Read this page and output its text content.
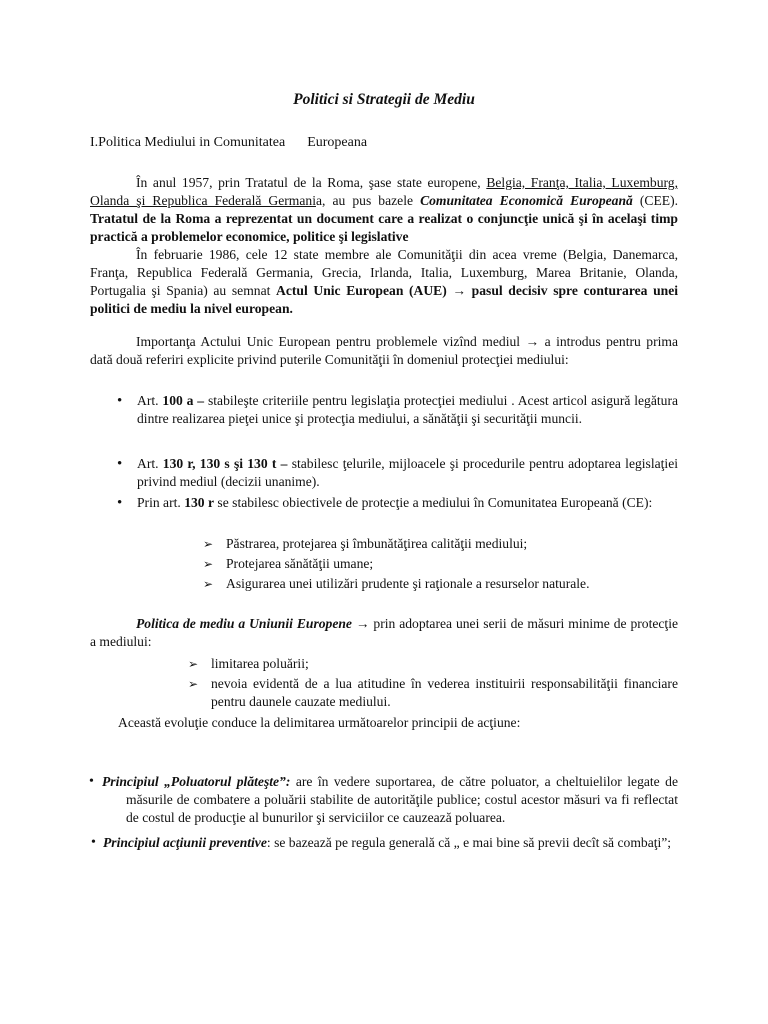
Politici si Strategii de Mediu
I.Politica Mediului in Comunitatea Europeana
În anul 1957, prin Tratatul de la Roma, şase state europene, Belgia, Franţa, Italia, Luxemburg, Olanda şi Republica Federală Germania, au pus bazele Comunitatea Economică Europeană (CEE). Tratatul de la Roma a reprezentat un document care a realizat o conjuncţie unică şi în acelaşi timp practică a problemelor economice, politice şi legislative
În februarie 1986, cele 12 state membre ale Comunităţii din acea vreme (Belgia, Danemarca, Franţa, Republica Federală Germania, Grecia, Irlanda, Italia, Luxemburg, Marea Britanie, Olanda, Portugalia şi Spania) au semnat Actul Unic European (AUE) → pasul decisiv spre conturarea unei politici de mediu la nivel european.
Importanţa Actului Unic European pentru problemele vizînd mediul → a introdus pentru prima dată două referiri explicite privind puterile Comunităţii în domeniul protecţiei mediului:
• Art. 100 a – stabileşte criteriile pentru legislaţia protecţiei mediului . Acest articol asigură legătura dintre realizarea pieţei unice şi protecţia mediului, a sănătăţii şi securităţii muncii.
• Art. 130 r, 130 s şi 130 t – stabilesc ţelurile, mijloacele şi procedurile pentru adoptarea legislaţiei privind mediul (decizii unanime).
• Prin art. 130 r se stabilesc obiectivele de protecţie a mediului în Comunitatea Europeană (CE):
➢ Păstrarea, protejarea şi îmbunătăţirea calităţii mediului;
➢ Protejarea sănătăţii umane;
➢ Asigurarea unei utilizări prudente şi raţionale a resurselor naturale.
Politica de mediu a Uniunii Europene → prin adoptarea unei serii de măsuri minime de protecţie a mediului:
➢ limitarea poluării;
➢ nevoia evidentă de a lua atitudine în vederea instituirii responsabilităţii financiare pentru daunele cauzate mediului.
Această evoluţie conduce la delimitarea următoarelor principii de acţiune:
• Principiul „Poluatorul plăteşte”: are în vedere suportarea, de către poluator, a cheltuielilor legate de măsurile de combatere a poluării stabilite de autorităţile publice; costul acestor măsuri va fi reflectat de costul de producţie al bunurilor şi serviciilor ce cauzează poluarea.
• Principiul acţiunii preventive: se bazează pe regula generală că „ e mai bine să previi decît să combaţi”;
